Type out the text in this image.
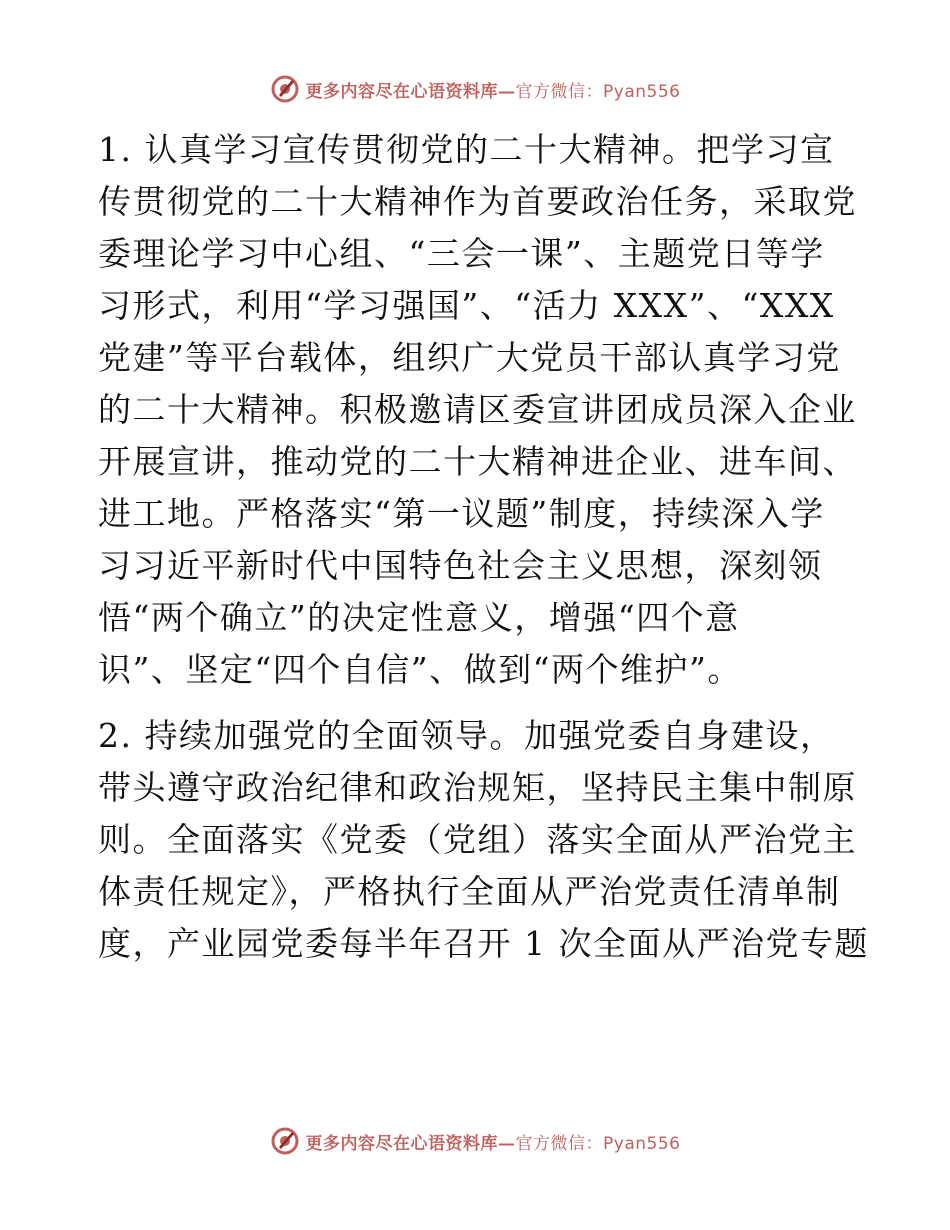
更多内容尽在心语资料库—官方微信：Pyan556
1. 认真学习宣传贯彻党的二十大精神。把学习宣
传贯彻党的二十大精神作为首要政治任务，采取党
委理论学习中心组、“三会一课”、主题党日等学
习形式，利用“学习强国”、“活力 XXX”、“XXX
党建”等平台载体，组织广大党员干部认真学习党
的二十大精神。积极邀请区委宣讲团成员深入企业
开展宣讲，推动党的二十大精神进企业、进车间、
进工地。严格落实“第一议题”制度，持续深入学
习习近平新时代中国特色社会主义思想，深刻领
悟“两个确立”的决定性意义，增强“四个意
识”、坚定“四个自信”、做到“两个维护”。
2. 持续加强党的全面领导。加强党委自身建设，
带头遵守政治纪律和政治规矩，坚持民主集中制原
则。全面落实《党委（党组）落实全面从严治党主
体责任规定》，严格执行全面从严治党责任清单制
度，产业园党委每半年召开 1 次全面从严治党专题
更多内容尽在心语资料库—官方微信：Pyan556
